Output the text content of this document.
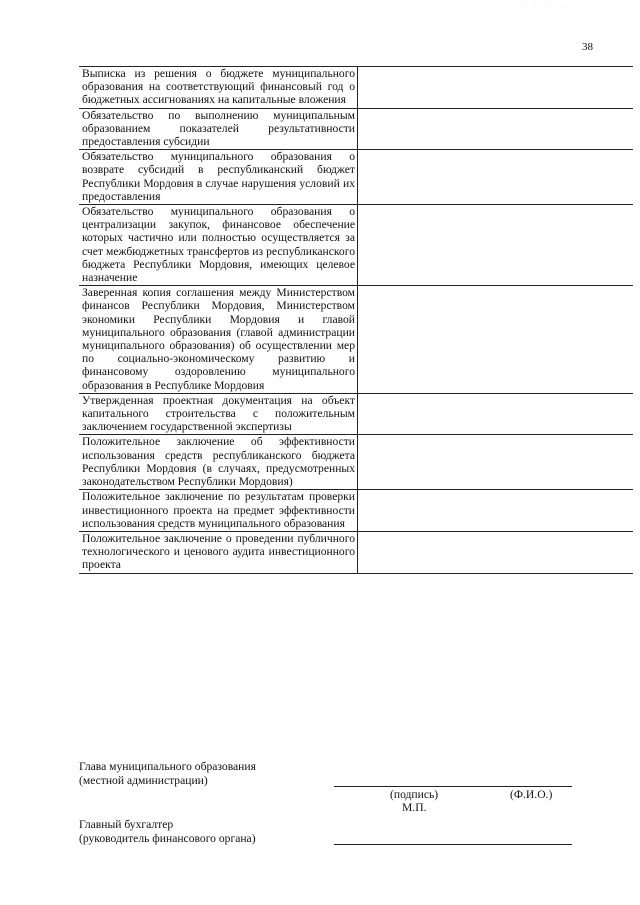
. . . . .
38
Выписка из решения о бюджете муниципального образования на соответствующий финансовый год о бюджетных ассигнованиях на капитальные вложения	
Обязательство по выполнению муниципальным образованием показателей результативности предоставления субсидии	
Обязательство муниципального образования о возврате субсидий в республиканский бюджет Республики Мордовия в случае нарушения условий их предоставления	
Обязательство муниципального образования о централизации закупок, финансовое обеспечение которых частично или полностью осуществляется за счет межбюджетных трансфертов из республиканского бюджета Республики Мордовия, имеющих целевое назначение	
Заверенная копия соглашения между Министерством финансов Республики Мордовия, Министерством экономики Республики Мордовия и главой муниципального образования (главой администрации муниципального образования) об осуществлении мер по социально-экономическому развитию и финансовому оздоровлению муниципального образования в Республике Мордовия	
Утвержденная проектная документация на объект капитального строительства с положительным заключением государственной экспертизы	
Положительное заключение об эффективности использования средств республиканского бюджета Республики Мордовия (в случаях, предусмотренных законодательством Республики Мордовия)	
Положительное заключение по результатам проверки инвестиционного проекта на предмет эффективности использования средств муниципального образования	
Положительное заключение о проведении публичного технологического и ценового аудита инвестиционного проекта	
Глава муниципального образования
(местной администрации)
(подпись)	(Ф.И.О.)
М.П.
Главный бухгалтер
(руководитель финансового органа)
